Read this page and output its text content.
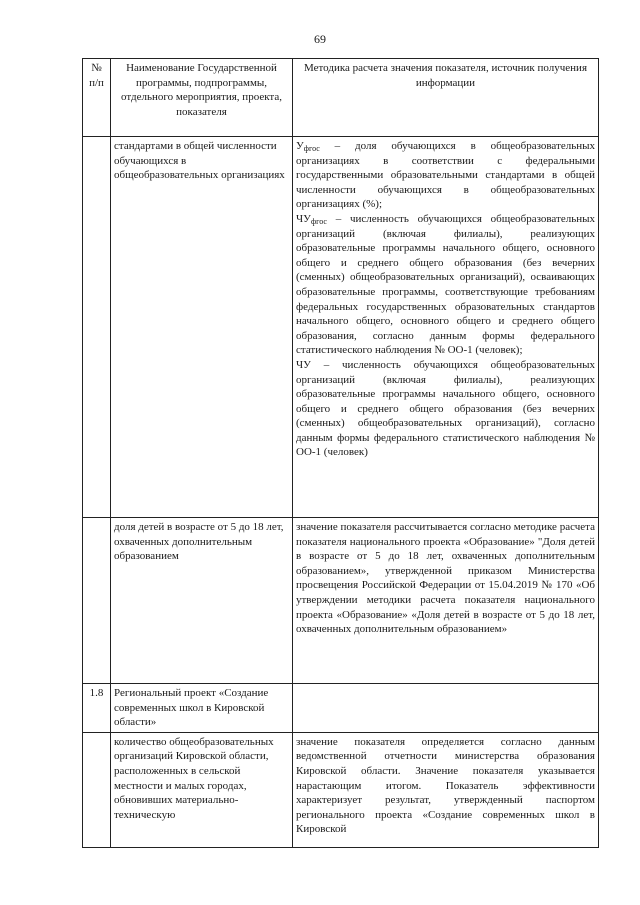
69
№ п/п	Наименование Государственной программы, подпрограммы, отдельного мероприятия, проекта, показателя	Методика расчета значения показателя, источник получения информации
	стандартами в общей численности обучающихся в общеобразовательных организациях	$У_{фгос}$ – доля обучающихся в общеобразовательных организациях в соответствии с федеральными государственными образовательными стандартами в общей численности обучающихся в общеобразовательных организациях (%);

$ЧУ_{фгос}$ – численность обучающихся общеобразовательных организаций (включая филиалы), реализующих образовательные программы начального общего, основного общего и среднего общего образования (без вечерних (сменных) общеобразовательных организаций), осваивающих образовательные программы, соответствующие требованиям федеральных государственных образовательных стандартов начального общего, основного общего и среднего общего образования, согласно данным формы федерального статистического наблюдения № ОО-1 (человек);

ЧУ – численность обучающихся общеобразовательных организаций (включая филиалы), реализующих образовательные программы начального общего, основного общего и среднего общего образования (без вечерних (сменных) общеобразовательных организаций), согласно данным формы федерального статистического наблюдения № ОО-1 (человек)

	доля детей в возрасте от 5 до 18 лет, охваченных дополнительным образованием	значение показателя рассчитывается согласно методике расчета показателя национального проекта «Образование» "Доля детей в возрасте от 5 до 18 лет, охваченных дополнительным образованием», утвержденной приказом Министерства просвещения Российской Федерации от 15.04.2019 № 170 «Об утверждении методики расчета показателя национального проекта «Образование» «Доля детей в возрасте от 5 до 18 лет, охваченных дополнительным образованием»
1.8	Региональный проект «Создание современных школ в Кировской области»	
	количество общеобразовательных организаций Кировской области, расположенных в сельской местности и малых городах, обновивших материально-техническую	значение показателя определяется согласно данным ведомственной отчетности министерства образования Кировской области. Значение показателя указывается нарастающим итогом. Показатель эффективности характеризует результат, утвержденный паспортом регионального проекта «Создание современных школ в Кировской
